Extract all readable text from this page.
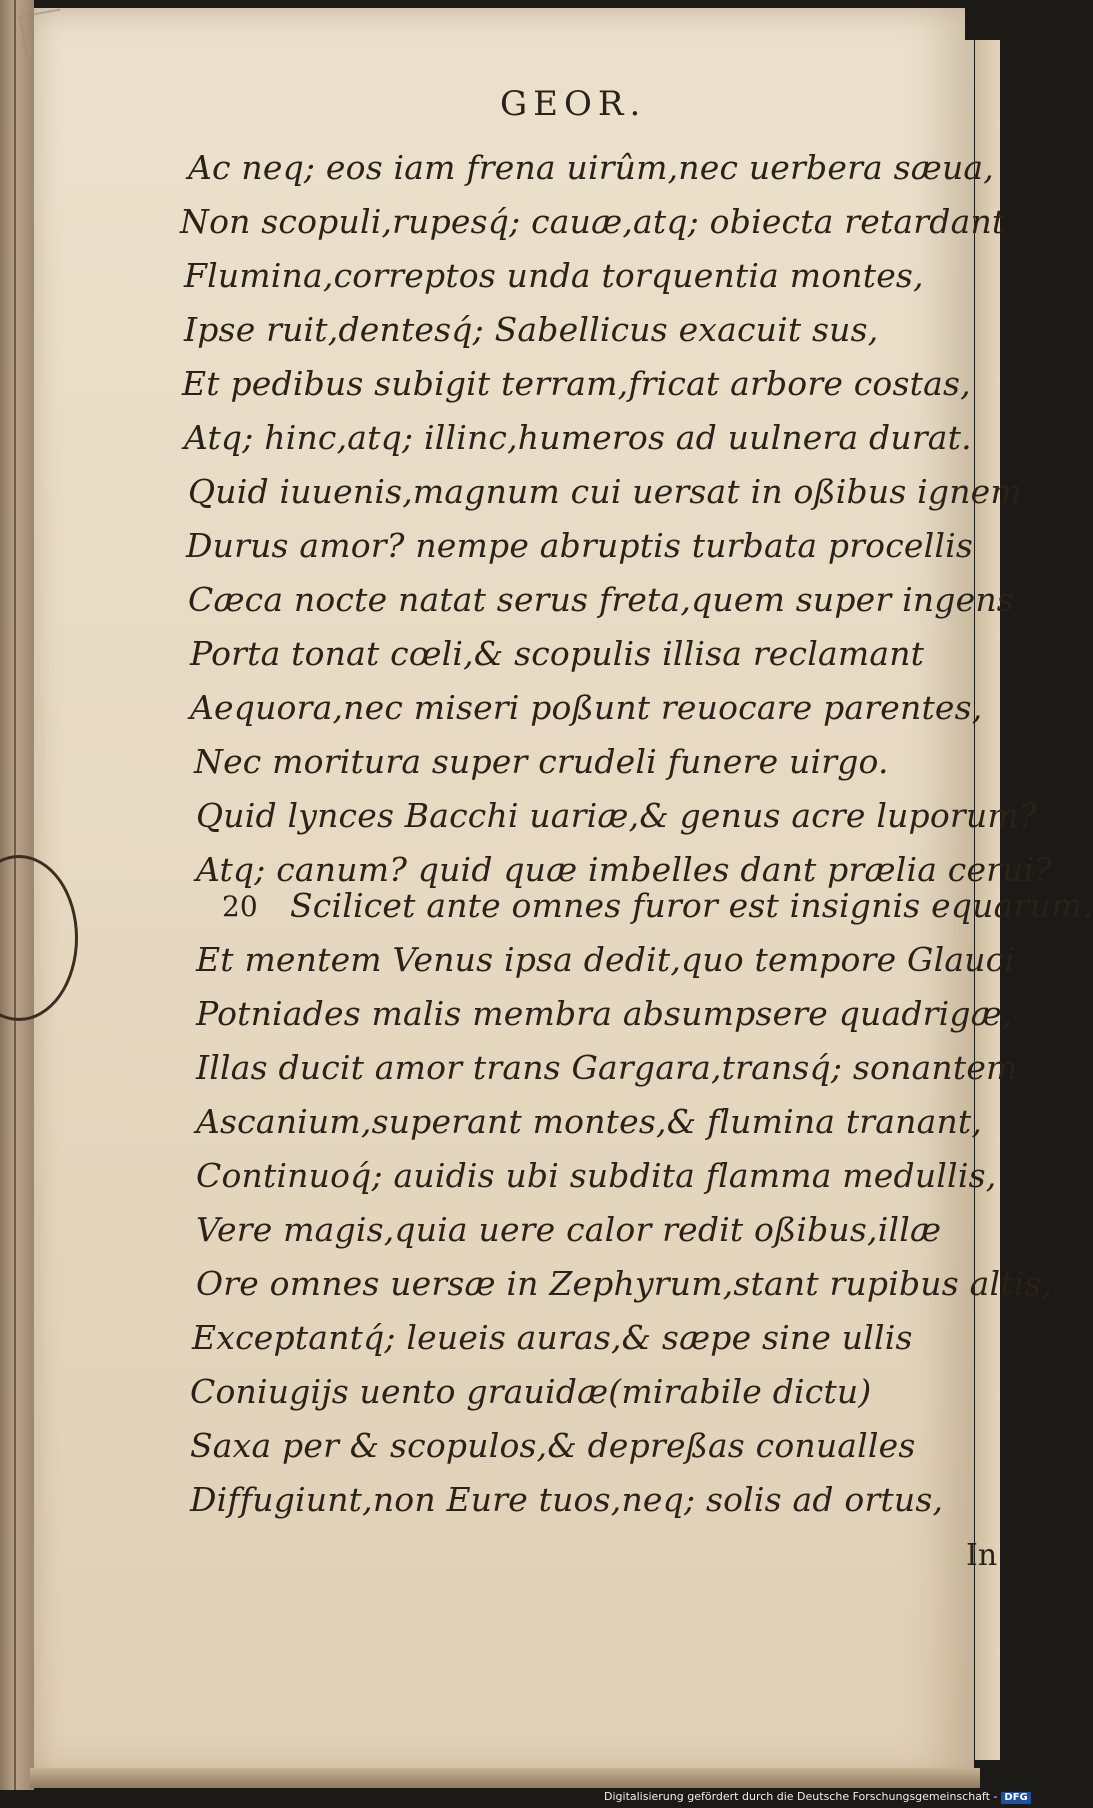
GEOR.
Ac neq; eos iam frena uirûm,nec uerbera sæua,
Non scopuli,rupesq́; cauæ,atq; obiecta retardant
Flumina,correptos unda torquentia montes,
Ipse ruit,dentesq́; Sabellicus exacuit sus,
Et pedibus subigit terram,fricat arbore costas,
Atq; hinc,atq; illinc,humeros ad uulnera durat.
Quid iuuenis,magnum cui uersat in oßibus ignem
Durus amor? nempe abruptis turbata procellis
Cæca nocte natat serus freta,quem super ingens
Porta tonat cœli,& scopulis illisa reclamant
Aequora,nec miseri poßunt reuocare parentes,
Nec moritura super crudeli funere uirgo.
Quid lynces Bacchi uariæ,& genus acre luporum?
Atq; canum? quid quæ imbelles dant prælia cerui?
20 Scilicet ante omnes furor est insignis equarum.
Et mentem Venus ipsa dedit,quo tempore Glauci
Potniades malis membra absumpsere quadrigæ,
Illas ducit amor trans Gargara,transq́; sonantem
Ascanium,superant montes,& flumina tranant,
Continuoq́; auidis ubi subdita flamma medullis,
Vere magis,quia uere calor redit oßibus,illæ
Ore omnes uersæ in Zephyrum,stant rupibus altis,
Exceptantq́; leueis auras,& sæpe sine ullis
Coniugijs uento grauidæ(mirabile dictu)
Saxa per & scopulos,& depreßas conualles
Diffugiunt,non Eure tuos,neq; solis ad ortus,
In
Digitalisierung gefördert durch die Deutsche Forschungsgemeinschaft - DFG
